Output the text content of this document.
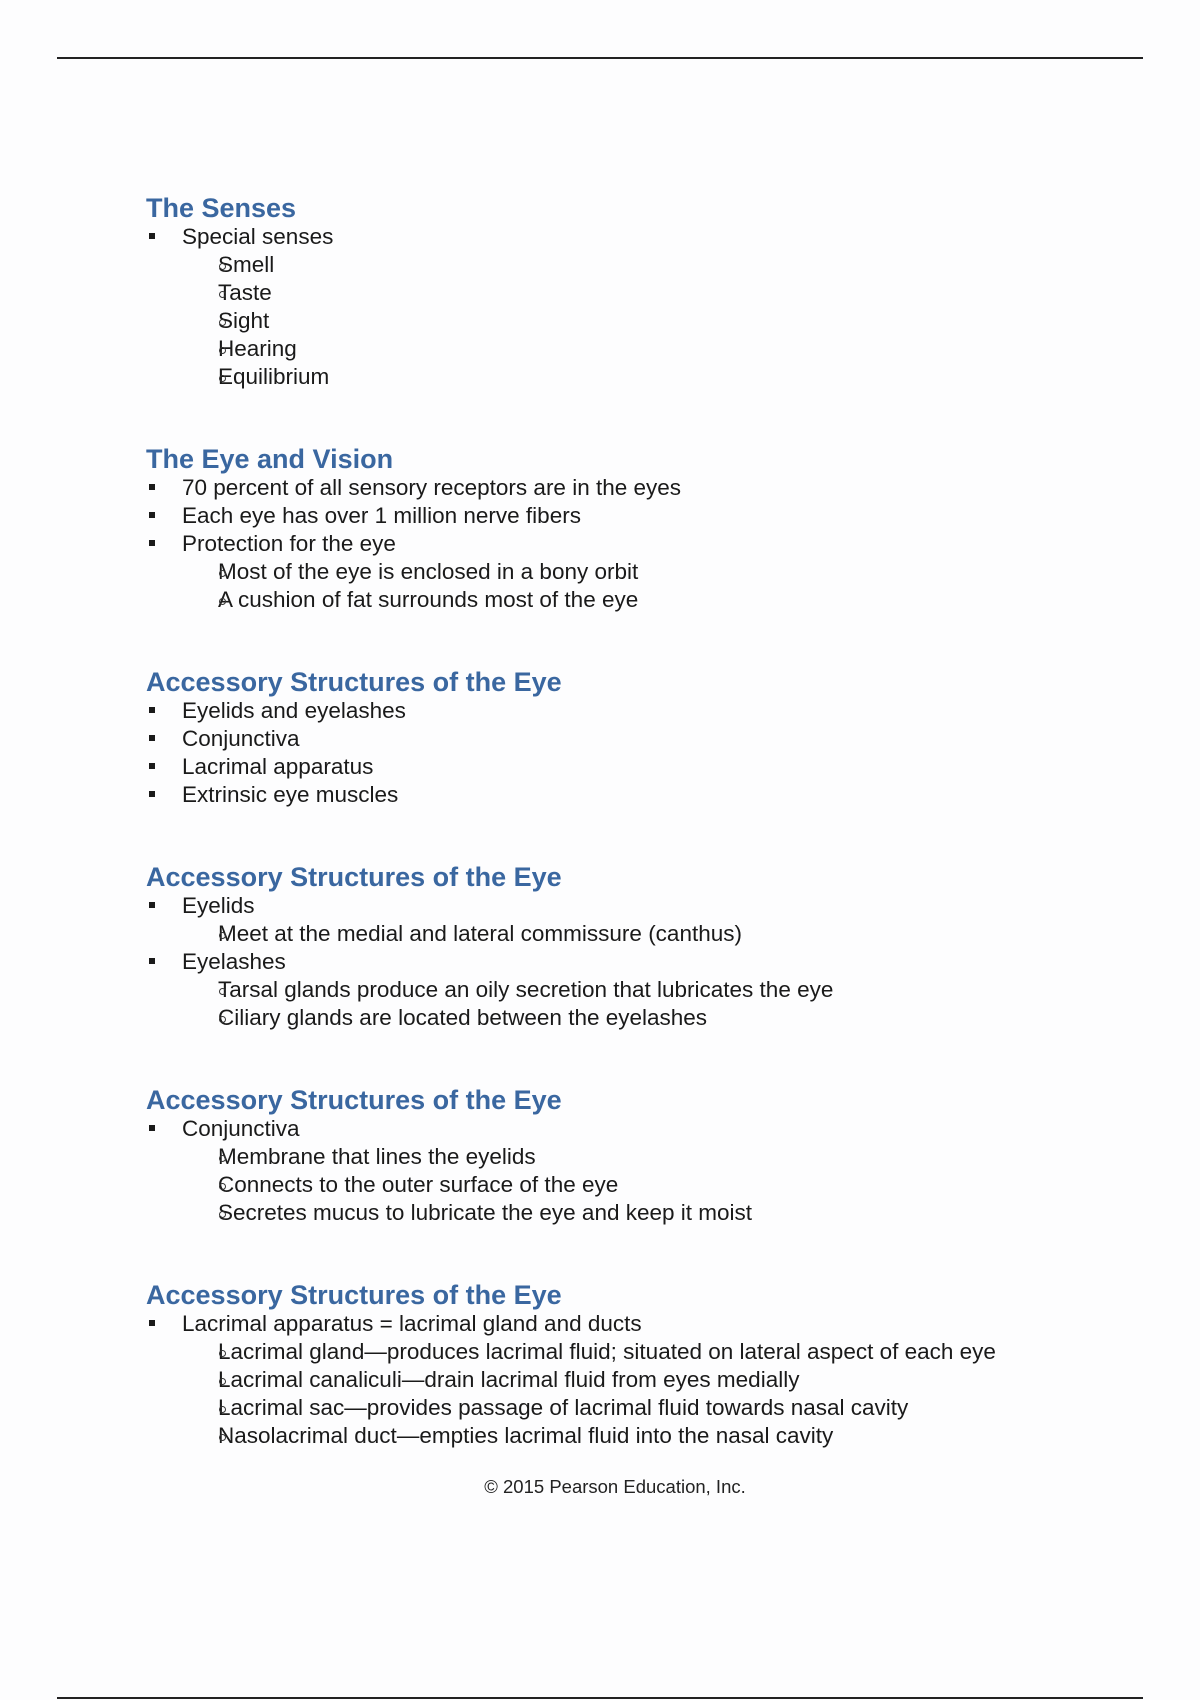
The Senses
Special senses
Smell
Taste
Sight
Hearing
Equilibrium
The Eye and Vision
70 percent of all sensory receptors are in the eyes
Each eye has over 1 million nerve fibers
Protection for the eye
Most of the eye is enclosed in a bony orbit
A cushion of fat surrounds most of the eye
Accessory Structures of the Eye
Eyelids and eyelashes
Conjunctiva
Lacrimal apparatus
Extrinsic eye muscles
Accessory Structures of the Eye
Eyelids
Meet at the medial and lateral commissure (canthus)
Eyelashes
Tarsal glands produce an oily secretion that lubricates the eye
Ciliary glands are located between the eyelashes
Accessory Structures of the Eye
Conjunctiva
Membrane that lines the eyelids
Connects to the outer surface of the eye
Secretes mucus to lubricate the eye and keep it moist
Accessory Structures of the Eye
Lacrimal apparatus = lacrimal gland and ducts
Lacrimal gland—produces lacrimal fluid; situated on lateral aspect of each eye
Lacrimal canaliculi—drain lacrimal fluid from eyes medially
Lacrimal sac—provides passage of lacrimal fluid towards nasal cavity
Nasolacrimal duct—empties lacrimal fluid into the nasal cavity
© 2015 Pearson Education, Inc.
